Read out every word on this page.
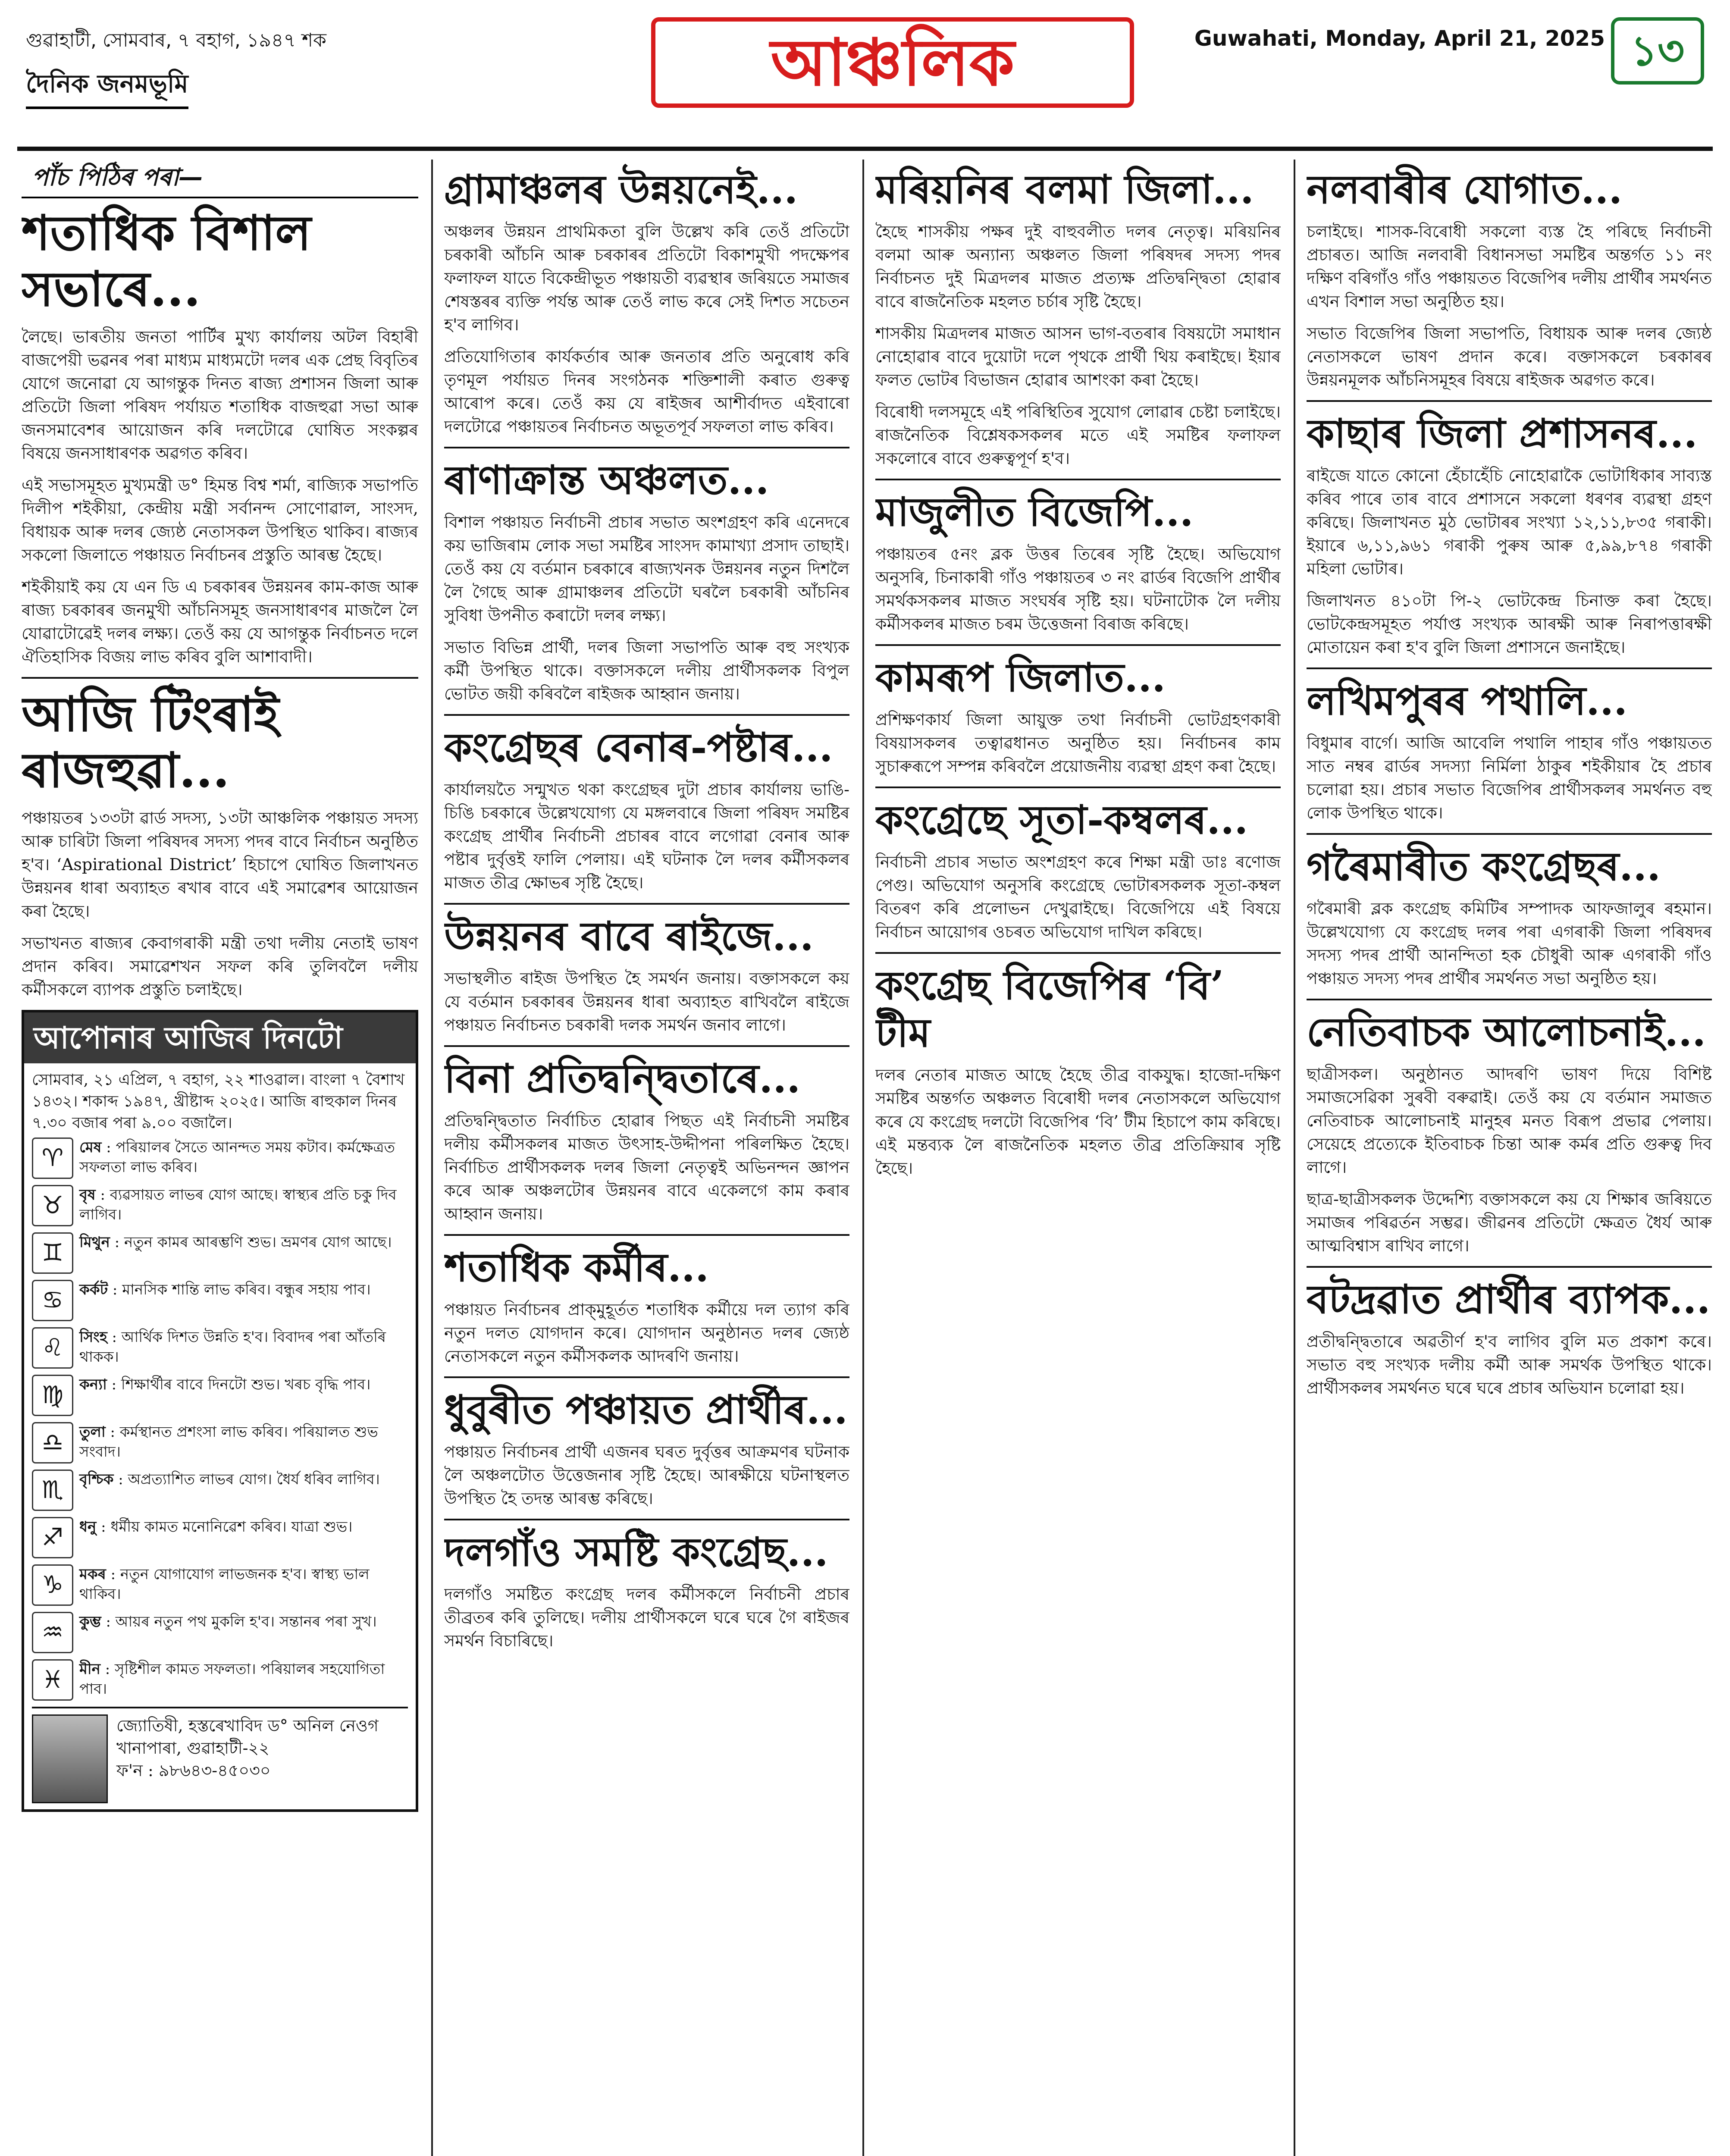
গুৱাহাটী, সোমবাৰ, ৭ বহাগ, ১৯৪৭ শক	আঞ্চলিক	Guwahati, Monday, April 21, 2025 ১৩
দৈনিক জনমভূমি
পাঁচ পিঠিৰ পৰা—
শতাধিক বিশাল সভাৰে...

লৈছে। ভাৰতীয় জনতা পাৰ্টিৰ মুখ্য কাৰ্যালয় অটল বিহাৰী বাজপেয়ী ভৱনৰ পৰা মাধ্যম মাধ্যমটো দলৰ এক প্ৰেছ বিবৃতিৰ যোগে জনোৱা যে আগন্তুক দিনত ৰাজ্য প্ৰশাসন জিলা আৰু প্ৰতিটো জিলা পৰিষদ পৰ্যায়ত শতাধিক বাজহুৱা সভা আৰু জনসমাবেশৰ আয়োজন কৰি দলটোৱে ঘোষিত সংকল্পৰ বিষয়ে জনসাধাৰণক অৱগত কৰিব।

এই সভাসমূহত মুখ্যমন্ত্ৰী ড° হিমন্ত বিশ্ব শৰ্মা, ৰাজ্যিক সভাপতি দিলীপ শইকীয়া, কেন্দ্ৰীয় মন্ত্ৰী সৰ্বানন্দ সোণোৱাল, সাংসদ, বিধায়ক আৰু দলৰ জ্যেষ্ঠ নেতাসকল উপস্থিত থাকিব। ৰাজ্যৰ সকলো জিলাতে পঞ্চায়ত নিৰ্বাচনৰ প্ৰস্তুতি আৰম্ভ হৈছে।

শইকীয়াই কয় যে এন ডি এ চৰকাৰৰ উন্নয়নৰ কাম-কাজ আৰু ৰাজ্য চৰকাৰৰ জনমুখী আঁচনিসমূহ জনসাধাৰণৰ মাজলৈ লৈ যোৱাটোৱেই দলৰ লক্ষ্য। তেওঁ কয় যে আগন্তুক নিৰ্বাচনত দলে ঐতিহাসিক বিজয় লাভ কৰিব বুলি আশাবাদী।

আজি টিংৰাই ৰাজহুৱা...

পঞ্চায়তৰ ১৩৩টা ৱাৰ্ড সদস্য, ১৩টা আঞ্চলিক পঞ্চায়ত সদস্য আৰু চাৰিটা জিলা পৰিষদৰ সদস্য পদৰ বাবে নিৰ্বাচন অনুষ্ঠিত হ'ব। ‘Aspirational District’ হিচাপে ঘোষিত জিলাখনত উন্নয়নৰ ধাৰা অব্যাহত ৰখাৰ বাবে এই সমাৱেশৰ আয়োজন কৰা হৈছে।

সভাখনত ৰাজ্যৰ কেবাগৰাকী মন্ত্ৰী তথা দলীয় নেতাই ভাষণ প্ৰদান কৰিব। সমাৱেশখন সফল কৰি তুলিবলৈ দলীয় কৰ্মীসকলে ব্যাপক প্ৰস্তুতি চলাইছে।

আপোনাৰ আজিৰ দিনটো
সোমবাৰ, ২১ এপ্ৰিল, ৭ বহাগ, ২২ শাওৱাল। বাংলা ৭ বৈশাখ ১৪৩২। শকাব্দ ১৯৪৭, খ্ৰীষ্টাব্দ ২০২৫। আজি ৰাহুকাল দিনৰ ৭.৩০ বজাৰ পৰা ৯.০০ বজালৈ।
♈	মেষ : পৰিয়ালৰ সৈতে আনন্দত সময় কটাব। কৰ্মক্ষেত্ৰত সফলতা লাভ কৰিব।
♉	বৃষ : ব্যৱসায়ত লাভৰ যোগ আছে। স্বাস্থ্যৰ প্ৰতি চকু দিব লাগিব।
♊	মিথুন : নতুন কামৰ আৰম্ভণি শুভ। ভ্ৰমণৰ যোগ আছে।
♋	কৰ্কট : মানসিক শান্তি লাভ কৰিব। বন্ধুৰ সহায় পাব।
♌	সিংহ : আৰ্থিক দিশত উন্নতি হ'ব। বিবাদৰ পৰা আঁতৰি থাকক।
♍	কন্যা : শিক্ষাৰ্থীৰ বাবে দিনটো শুভ। খৰচ বৃদ্ধি পাব।
♎	তুলা : কৰ্মস্থানত প্ৰশংসা লাভ কৰিব। পৰিয়ালত শুভ সংবাদ।
♏	বৃশ্চিক : অপ্ৰত্যাশিত লাভৰ যোগ। ধৈৰ্য ধৰিব লাগিব।
♐	ধনু : ধৰ্মীয় কামত মনোনিৱেশ কৰিব। যাত্ৰা শুভ।
♑	মকৰ : নতুন যোগাযোগ লাভজনক হ'ব। স্বাস্থ্য ভাল থাকিব।
♒	কুম্ভ : আয়ৰ নতুন পথ মুকলি হ'ব। সন্তানৰ পৰা সুখ।
♓	মীন : সৃষ্টিশীল কামত সফলতা। পৰিয়ালৰ সহযোগিতা পাব।
জ্যোতিষী, হস্তৰেখাবিদ ড° অনিল নেওগ
খানাপাৰা, গুৱাহাটী-২২
ফ'ন : ৯৮৬৪৩-৪৫০৩০
গ্ৰামাঞ্চলৰ উন্নয়নেই...

অঞ্চলৰ উন্নয়ন প্ৰাথমিকতা বুলি উল্লেখ কৰি তেওঁ প্ৰতিটো চৰকাৰী আঁচনি আৰু চৰকাৰৰ প্ৰতিটো বিকাশমুখী পদক্ষেপৰ ফলাফল যাতে বিকেন্দ্ৰীভূত পঞ্চায়তী ব্যৱস্থাৰ জৰিয়তে সমাজৰ শেষস্তৰৰ ব্যক্তি পৰ্যন্ত আৰু তেওঁ লাভ কৰে সেই দিশত সচেতন হ'ব লাগিব।

প্ৰতিযোগিতাৰ কাৰ্যকৰ্তাৰ আৰু জনতাৰ প্ৰতি অনুৰোধ কৰি তৃণমূল পৰ্যায়ত দিনৰ সংগঠনক শক্তিশালী কৰাত গুৰুত্ব আৰোপ কৰে। তেওঁ কয় যে ৰাইজৰ আশীৰ্বাদত এইবাৰো দলটোৱে পঞ্চায়তৰ নিৰ্বাচনত অভূতপূৰ্ব সফলতা লাভ কৰিব।

ৰাণাক্ৰান্ত অঞ্চলত...

বিশাল পঞ্চায়ত নিৰ্বাচনী প্ৰচাৰ সভাত অংশগ্ৰহণ কৰি এনেদৰে কয় ভাজিৰাম লোক সভা সমষ্টিৰ সাংসদ কামাখ্যা প্ৰসাদ তাছাই। তেওঁ কয় যে বৰ্তমান চৰকাৰে ৰাজ্যখনক উন্নয়নৰ নতুন দিশলৈ লৈ গৈছে আৰু গ্ৰামাঞ্চলৰ প্ৰতিটো ঘৰলৈ চৰকাৰী আঁচনিৰ সুবিধা উপনীত কৰাটো দলৰ লক্ষ্য।

সভাত বিভিন্ন প্ৰাৰ্থী, দলৰ জিলা সভাপতি আৰু বহু সংখ্যক কৰ্মী উপস্থিত থাকে। বক্তাসকলে দলীয় প্ৰাৰ্থীসকলক বিপুল ভোটত জয়ী কৰিবলৈ ৰাইজক আহ্বান জনায়।

কংগ্ৰেছৰ বেনাৰ-পষ্টাৰ...

কাৰ্যালয়তৈ সন্মুখত থকা কংগ্ৰেছৰ দুটা প্ৰচাৰ কাৰ্যালয় ভাঙি-চিঙি চৰকাৰে উল্লেখযোগ্য যে মঙ্গলবাৰে জিলা পৰিষদ সমষ্টিৰ কংগ্ৰেছ প্ৰাৰ্থীৰ নিৰ্বাচনী প্ৰচাৰৰ বাবে লগোৱা বেনাৰ আৰু পষ্টাৰ দুৰ্বৃত্তই ফালি পেলায়। এই ঘটনাক লৈ দলৰ কৰ্মীসকলৰ মাজত তীব্ৰ ক্ষোভৰ সৃষ্টি হৈছে।

উন্নয়নৰ বাবে ৰাইজে...

সভাস্থলীত ৰাইজ উপস্থিত হৈ সমৰ্থন জনায়। বক্তাসকলে কয় যে বৰ্তমান চৰকাৰৰ উন্নয়নৰ ধাৰা অব্যাহত ৰাখিবলৈ ৰাইজে পঞ্চায়ত নিৰ্বাচনত চৰকাৰী দলক সমৰ্থন জনাব লাগে।

বিনা প্ৰতিদ্বন্দ্বিতাৰে...

প্ৰতিদ্বন্দ্বিতাত নিৰ্বাচিত হোৱাৰ পিছত এই নিৰ্বাচনী সমষ্টিৰ দলীয় কৰ্মীসকলৰ মাজত উৎসাহ-উদ্দীপনা পৰিলক্ষিত হৈছে। নিৰ্বাচিত প্ৰাৰ্থীসকলক দলৰ জিলা নেতৃত্বই অভিনন্দন জ্ঞাপন কৰে আৰু অঞ্চলটোৰ উন্নয়নৰ বাবে একেলগে কাম কৰাৰ আহ্বান জনায়।

শতাধিক কৰ্মীৰ...

পঞ্চায়ত নিৰ্বাচনৰ প্ৰাক্‌মুহূৰ্তত শতাধিক কৰ্মীয়ে দল ত্যাগ কৰি নতুন দলত যোগদান কৰে। যোগদান অনুষ্ঠানত দলৰ জ্যেষ্ঠ নেতাসকলে নতুন কৰ্মীসকলক আদৰণি জনায়।

ধুবুৰীত পঞ্চায়ত প্ৰাৰ্থীৰ...

পঞ্চায়ত নিৰ্বাচনৰ প্ৰাৰ্থী এজনৰ ঘৰত দুৰ্বৃত্তৰ আক্ৰমণৰ ঘটনাক লৈ অঞ্চলটোত উত্তেজনাৰ সৃষ্টি হৈছে। আৰক্ষীয়ে ঘটনাস্থলত উপস্থিত হৈ তদন্ত আৰম্ভ কৰিছে।

দলগাঁও সমষ্টি কংগ্ৰেছ...

দলগাঁও সমষ্টিত কংগ্ৰেছ দলৰ কৰ্মীসকলে নিৰ্বাচনী প্ৰচাৰ তীব্ৰতৰ কৰি তুলিছে। দলীয় প্ৰাৰ্থীসকলে ঘৰে ঘৰে গৈ ৰাইজৰ সমৰ্থন বিচাৰিছে।

মৰিয়নিৰ বলমা জিলা...

হৈছে শাসকীয় পক্ষৰ দুই বাহুবলীত দলৰ নেতৃত্ব। মৰিয়নিৰ বলমা আৰু অন্যান্য অঞ্চলত জিলা পৰিষদৰ সদস্য পদৰ নিৰ্বাচনত দুই মিত্ৰদলৰ মাজত প্ৰত্যক্ষ প্ৰতিদ্বন্দ্বিতা হোৱাৰ বাবে ৰাজনৈতিক মহলত চৰ্চাৰ সৃষ্টি হৈছে।

শাসকীয় মিত্ৰদলৰ মাজত আসন ভাগ-বতৰাৰ বিষয়টো সমাধান নোহোৱাৰ বাবে দুয়োটা দলে পৃথকে প্ৰাৰ্থী থিয় কৰাইছে। ইয়াৰ ফলত ভোটৰ বিভাজন হোৱাৰ আশংকা কৰা হৈছে।

বিৰোধী দলসমূহে এই পৰিস্থিতিৰ সুযোগ লোৱাৰ চেষ্টা চলাইছে। ৰাজনৈতিক বিশ্লেষকসকলৰ মতে এই সমষ্টিৰ ফলাফল সকলোৰে বাবে গুৰুত্বপূৰ্ণ হ'ব।

মাজুলীত বিজেপি...

পঞ্চায়তৰ ৫নং ব্লক উত্তৰ তিৰেৰ সৃষ্টি হৈছে। অভিযোগ অনুসৰি, চিনাকাৰী গাঁও পঞ্চায়তৰ ৩ নং ৱাৰ্ডৰ বিজেপি প্ৰাৰ্থীৰ সমৰ্থকসকলৰ মাজত সংঘৰ্ষৰ সৃষ্টি হয়। ঘটনাটোক লৈ দলীয় কৰ্মীসকলৰ মাজত চৰম উত্তেজনা বিৰাজ কৰিছে।

কামৰূপ জিলাত...

প্ৰশিক্ষণকাৰ্য জিলা আয়ুক্ত তথা নিৰ্বাচনী ভোটগ্ৰহণকাৰী বিষয়াসকলৰ তত্বাৱধানত অনুষ্ঠিত হয়। নিৰ্বাচনৰ কাম সুচাৰুৰূপে সম্পন্ন কৰিবলৈ প্ৰয়োজনীয় ব্যৱস্থা গ্ৰহণ কৰা হৈছে।

কংগ্ৰেছে সূতা-কম্বলৰ...

নিৰ্বাচনী প্ৰচাৰ সভাত অংশগ্ৰহণ কৰে শিক্ষা মন্ত্ৰী ডাঃ ৰণোজ পেগু। অভিযোগ অনুসৰি কংগ্ৰেছে ভোটাৰসকলক সূতা-কম্বল বিতৰণ কৰি প্ৰলোভন দেখুৱাইছে। বিজেপিয়ে এই বিষয়ে নিৰ্বাচন আয়োগৰ ওচৰত অভিযোগ দাখিল কৰিছে।

কংগ্ৰেছ বিজেপিৰ ‘বি’ টীম

দলৰ নেতাৰ মাজত আছে হৈছে তীব্ৰ বাকযুদ্ধ। হাজো-দক্ষিণ সমষ্টিৰ অন্তৰ্গত অঞ্চলত বিৰোধী দলৰ নেতাসকলে অভিযোগ কৰে যে কংগ্ৰেছ দলটো বিজেপিৰ ‘বি’ টীম হিচাপে কাম কৰিছে। এই মন্তব্যক লৈ ৰাজনৈতিক মহলত তীব্ৰ প্ৰতিক্ৰিয়াৰ সৃষ্টি হৈছে।

নলবাৰীৰ যোগাত...

চলাইছে। শাসক-বিৰোধী সকলো ব্যস্ত হৈ পৰিছে নিৰ্বাচনী প্ৰচাৰত। আজি নলবাৰী বিধানসভা সমষ্টিৰ অন্তৰ্গত ১১ নং দক্ষিণ বৰিগাঁও গাঁও পঞ্চায়তত বিজেপিৰ দলীয় প্ৰাৰ্থীৰ সমৰ্থনত এখন বিশাল সভা অনুষ্ঠিত হয়।

সভাত বিজেপিৰ জিলা সভাপতি, বিধায়ক আৰু দলৰ জ্যেষ্ঠ নেতাসকলে ভাষণ প্ৰদান কৰে। বক্তাসকলে চৰকাৰৰ উন্নয়নমূলক আঁচনিসমূহৰ বিষয়ে ৰাইজক অৱগত কৰে।

কাছাৰ জিলা প্ৰশাসনৰ...

ৰাইজে যাতে কোনো হেঁচাহেঁচি নোহোৱাকৈ ভোটাধিকাৰ সাব্যস্ত কৰিব পাৰে তাৰ বাবে প্ৰশাসনে সকলো ধৰণৰ ব্যৱস্থা গ্ৰহণ কৰিছে। জিলাখনত মুঠ ভোটাৰৰ সংখ্যা ১২,১১,৮৩৫ গৰাকী। ইয়াৰে ৬,১১,৯৬১ গৰাকী পুৰুষ আৰু ৫,৯৯,৮৭৪ গৰাকী মহিলা ভোটাৰ।

জিলাখনত ৪১০টা পি-২ ভোটকেন্দ্ৰ চিনাক্ত কৰা হৈছে। ভোটকেন্দ্ৰসমূহত পৰ্যাপ্ত সংখ্যক আৰক্ষী আৰু নিৰাপত্তাৰক্ষী মোতায়েন কৰা হ'ব বুলি জিলা প্ৰশাসনে জনাইছে।

লখিমপুৰৰ পথালি...

বিধুমাৰ বাৰ্গে। আজি আবেলি পথালি পাহাৰ গাঁও পঞ্চায়তত সাত নম্বৰ ৱাৰ্ডৰ সদস্যা নিৰ্মিলা ঠাকুৰ শইকীয়াৰ হৈ প্ৰচাৰ চলোৱা হয়। প্ৰচাৰ সভাত বিজেপিৰ প্ৰাৰ্থীসকলৰ সমৰ্থনত বহু লোক উপস্থিত থাকে।

গৰৈমাৰীত কংগ্ৰেছৰ...

গৰৈমাৰী ব্লক কংগ্ৰেছ কমিটিৰ সম্পাদক আফজালুৰ ৰহমান। উল্লেখযোগ্য যে কংগ্ৰেছ দলৰ পৰা এগৰাকী জিলা পৰিষদৰ সদস্য পদৰ প্ৰাৰ্থী আনন্দিতা হক চৌধুৰী আৰু এগৰাকী গাঁও পঞ্চায়ত সদস্য পদৰ প্ৰাৰ্থীৰ সমৰ্থনত সভা অনুষ্ঠিত হয়।

নেতিবাচক আলোচনাই...

ছাত্ৰীসকল। অনুষ্ঠানত আদৰণি ভাষণ দিয়ে বিশিষ্ট সমাজসেৱিকা সুৰবী বৰুৱাই। তেওঁ কয় যে বৰ্তমান সমাজত নেতিবাচক আলোচনাই মানুহৰ মনত বিৰূপ প্ৰভাৱ পেলায়। সেয়েহে প্ৰত্যেকে ইতিবাচক চিন্তা আৰু কৰ্মৰ প্ৰতি গুৰুত্ব দিব লাগে।

ছাত্ৰ-ছাত্ৰীসকলক উদ্দেশ্যি বক্তাসকলে কয় যে শিক্ষাৰ জৰিয়তে সমাজৰ পৰিৱৰ্তন সম্ভৱ। জীৱনৰ প্ৰতিটো ক্ষেত্ৰত ধৈৰ্য আৰু আত্মবিশ্বাস ৰাখিব লাগে।

বটদ্ৰৱাত প্ৰাৰ্থীৰ ব্যাপক...

প্ৰতীদ্বন্দ্বিতাৰে অৱতীৰ্ণ হ'ব লাগিব বুলি মত প্ৰকাশ কৰে। সভাত বহু সংখ্যক দলীয় কৰ্মী আৰু সমৰ্থক উপস্থিত থাকে। প্ৰাৰ্থীসকলৰ সমৰ্থনত ঘৰে ঘৰে প্ৰচাৰ অভিযান চলোৱা হয়।
